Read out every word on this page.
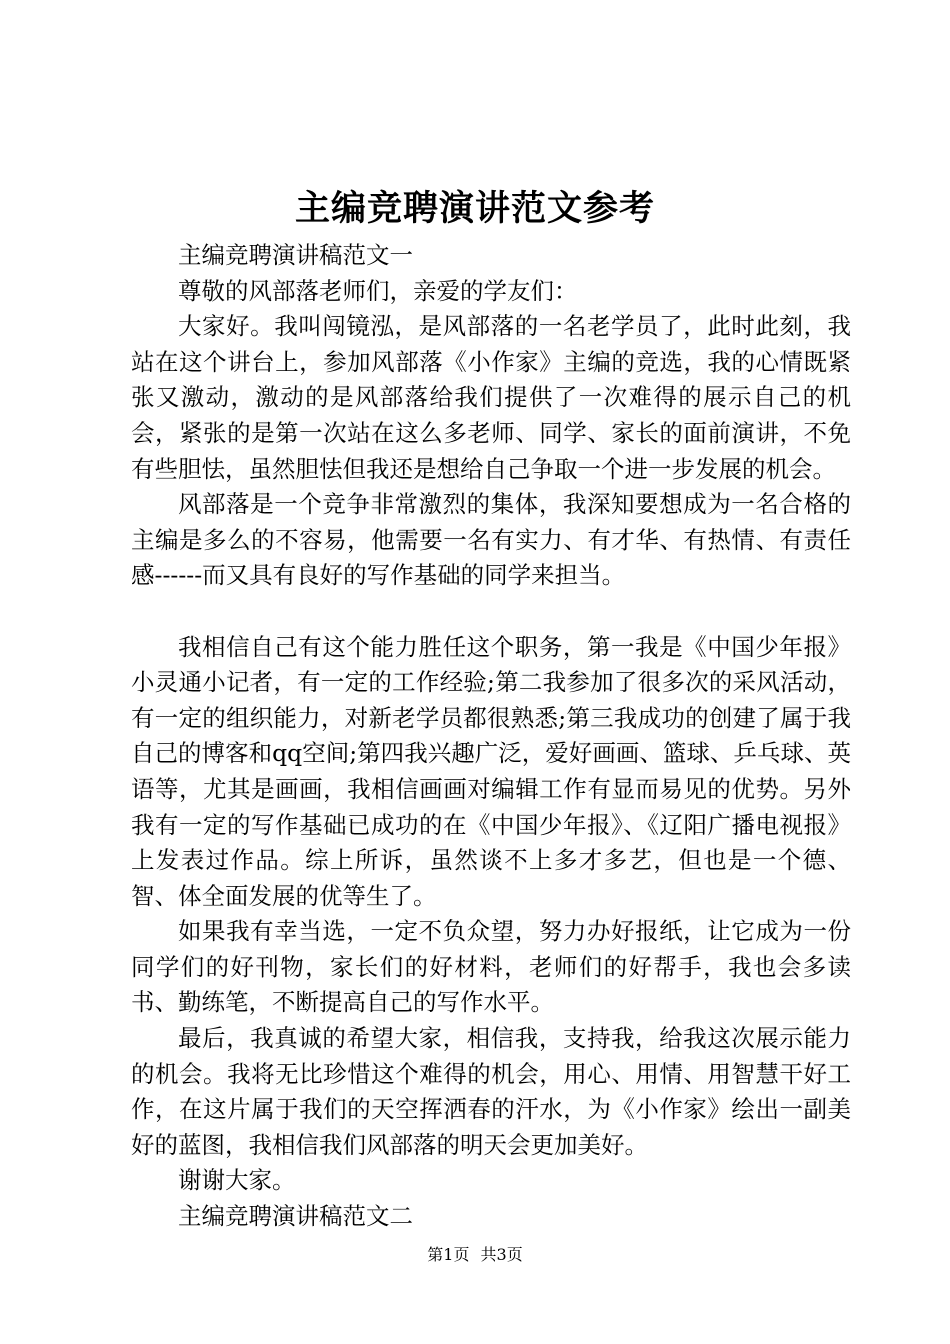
主编竞聘演讲范文参考

主编竞聘演讲稿范文一

尊敬的风部落老师们，亲爱的学友们：

大家好。我叫闯镜泓，是风部落的一名老学员了，此时此刻，我站在这个讲台上，参加风部落《小作家》主编的竞选，我的心情既紧张又激动，激动的是风部落给我们提供了一次难得的展示自己的机会，紧张的是第一次站在这么多老师、同学、家长的面前演讲，不免有些胆怯，虽然胆怯但我还是想给自己争取一个进一步发展的机会。

风部落是一个竞争非常激烈的集体，我深知要想成为一名合格的主编是多么的不容易，他需要一名有实力、有才华、有热情、有责任感------而又具有良好的写作基础的同学来担当。

我相信自己有这个能力胜任这个职务，第一我是《中国少年报》小灵通小记者，有一定的工作经验;第二我参加了很多次的采风活动，有一定的组织能力，对新老学员都很熟悉;第三我成功的创建了属于我自己的博客和qq空间;第四我兴趣广泛，爱好画画、篮球、乒乓球、英语等，尤其是画画，我相信画画对编辑工作有显而易见的优势。另外我有一定的写作基础已成功的在《中国少年报》、《辽阳广播电视报》上发表过作品。综上所诉，虽然谈不上多才多艺，但也是一个德、智、体全面发展的优等生了。

如果我有幸当选，一定不负众望，努力办好报纸，让它成为一份同学们的好刊物，家长们的好材料，老师们的好帮手，我也会多读书、勤练笔，不断提高自己的写作水平。

最后，我真诚的希望大家，相信我，支持我，给我这次展示能力的机会。我将无比珍惜这个难得的机会，用心、用情、用智慧干好工作，在这片属于我们的天空挥洒春的汗水，为《小作家》绘出一副美好的蓝图，我相信我们风部落的明天会更加美好。

谢谢大家。

主编竞聘演讲稿范文二

第1页 共3页
